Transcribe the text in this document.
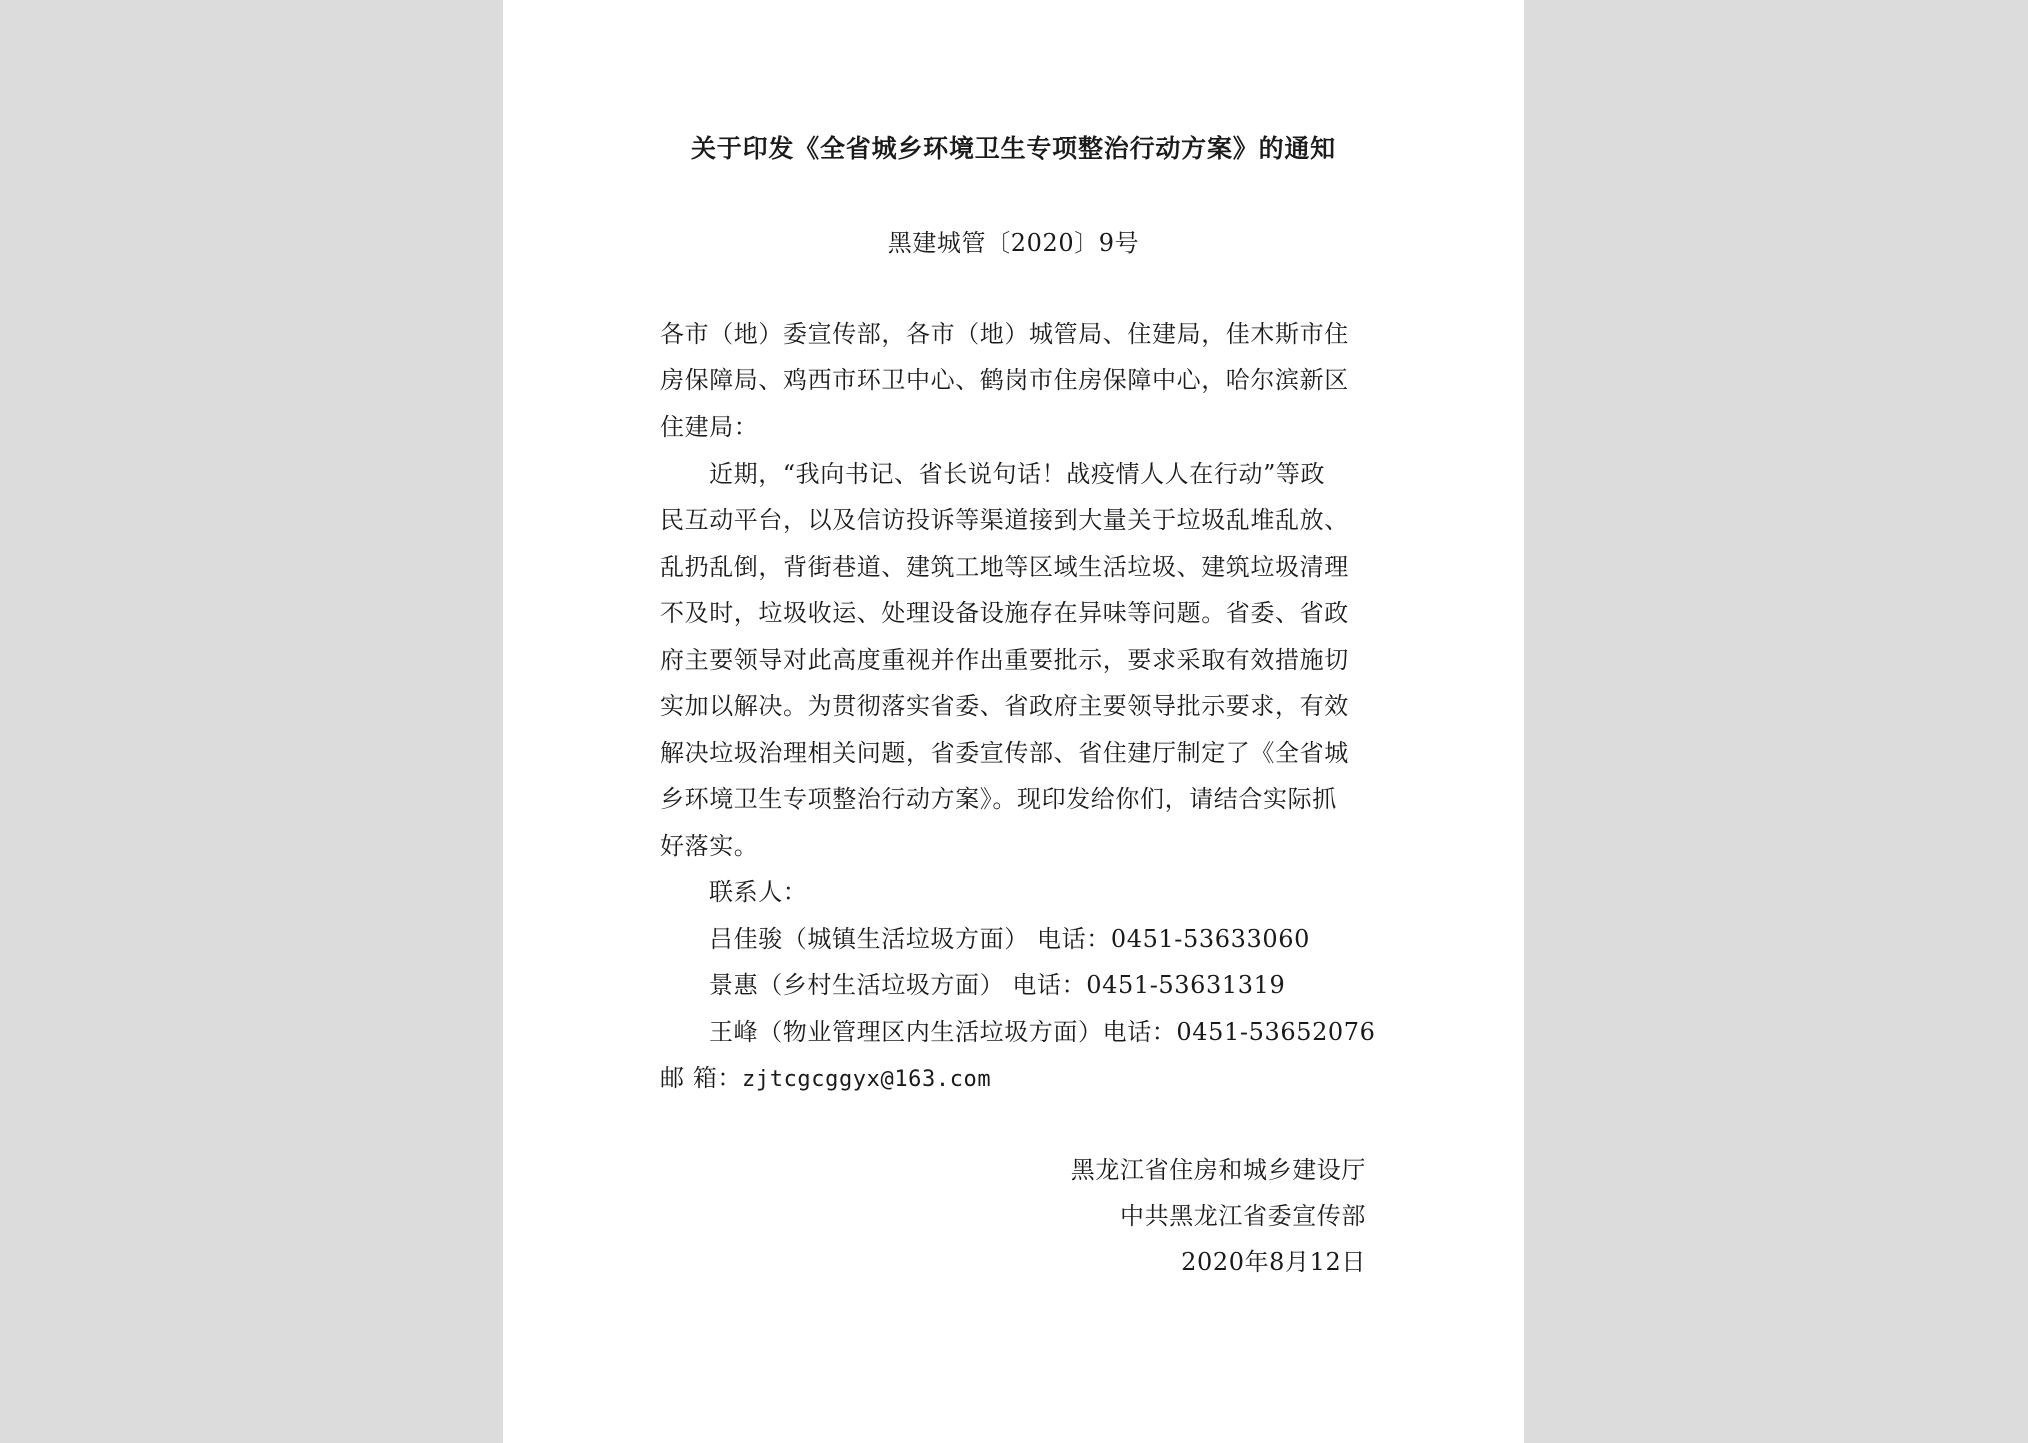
关于印发《全省城乡环境卫生专项整治行动方案》的通知
黑建城管〔2020〕9号
各市（地）委宣传部，各市（地）城管局、住建局，佳木斯市住
房保障局、鸡西市环卫中心、鹤岗市住房保障中心，哈尔滨新区
住建局：
近期，“我向书记、省长说句话！战疫情人人在行动”等政
民互动平台，以及信访投诉等渠道接到大量关于垃圾乱堆乱放、
乱扔乱倒，背街巷道、建筑工地等区域生活垃圾、建筑垃圾清理
不及时，垃圾收运、处理设备设施存在异味等问题。省委、省政
府主要领导对此高度重视并作出重要批示，要求采取有效措施切
实加以解决。为贯彻落实省委、省政府主要领导批示要求，有效
解决垃圾治理相关问题，省委宣传部、省住建厅制定了《全省城
乡环境卫生专项整治行动方案》。现印发给你们，请结合实际抓
好落实。
联系人：
吕佳骏（城镇生活垃圾方面） 电话：0451-53633060
景惠（乡村生活垃圾方面） 电话：0451-53631319
王峰（物业管理区内生活垃圾方面）电话：0451-53652076
邮 箱：zjtcgcggyx@163.com
黑龙江省住房和城乡建设厅
中共黑龙江省委宣传部
2020年8月12日
